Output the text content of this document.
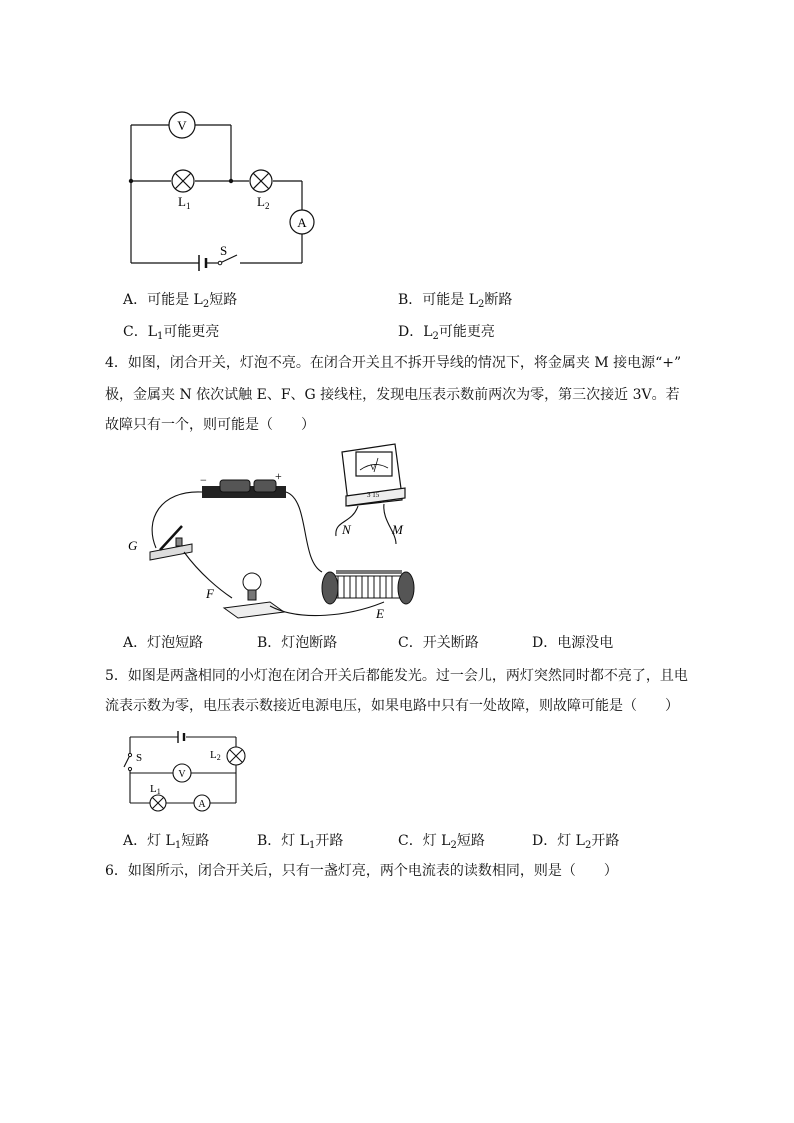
V
A
$L_1$	$L_2$
S
A．可能是 $L_2$短路	B．可能是 $L_2$断路
C．$L_1$可能更亮	D．$L_2$可能更亮
4．如图，闭合开关，灯泡不亮。在闭合开关且不拆开导线的情况下，将金属夹 M 接电源“+”
极，金属夹 N 依次试触 E、F、G 接线柱，发现电压表示数前两次为零，第三次接近 3V。若
故障只有一个，则可能是（　　）
V
3 15
−	+
G
F
E
N	M
A．灯泡短路	B．灯泡断路	C．开关断路	D．电源没电
5．如图是两盏相同的小灯泡在闭合开关后都能发光。过一会儿，两灯突然同时都不亮了，且电
流表示数为零，电压表示数接近电源电压，如果电路中只有一处故障，则故障可能是（　　）
S	L2
L1
V
A
A．灯 $L_1$短路	B．灯 $L_1$开路	C．灯 $L_2$短路	D．灯 $L_2$开路
6．如图所示，闭合开关后，只有一盏灯亮，两个电流表的读数相同，则是（　　）
